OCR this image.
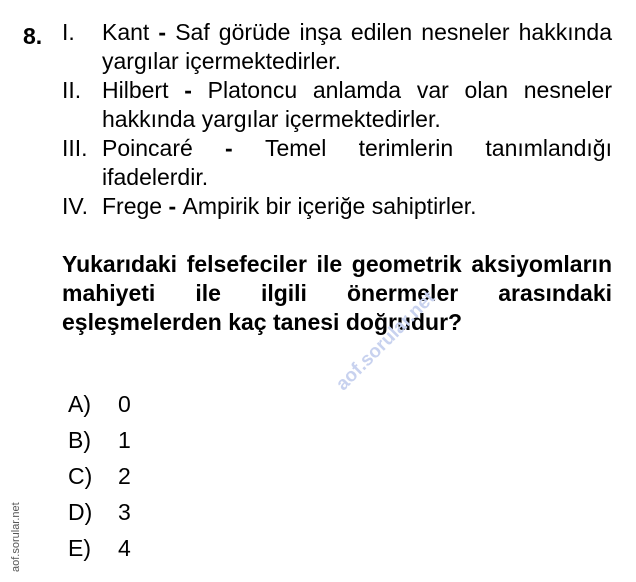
8. I.	Kant - Saf görüde inşa edilen nesneler hakkında yargılar içermektedirler.
II. Hilbert - Platoncu anlamda var olan nesneler hakkında yargılar içermektedirler.
III. Poincaré - Temel terimlerin tanımlandığı ifadelerdir.
IV. Frege - Ampirik bir içeriğe sahiptirler.
Yukarıdaki felsefeciler ile geometrik aksiyomların mahiyeti ile ilgili önermeler arasındaki eşleşmelerden kaç tanesi doğrudur?
A)	0
B)	1
C)	2
D)	3
E)	4
aof.sorular.net
aof.sorular.net
